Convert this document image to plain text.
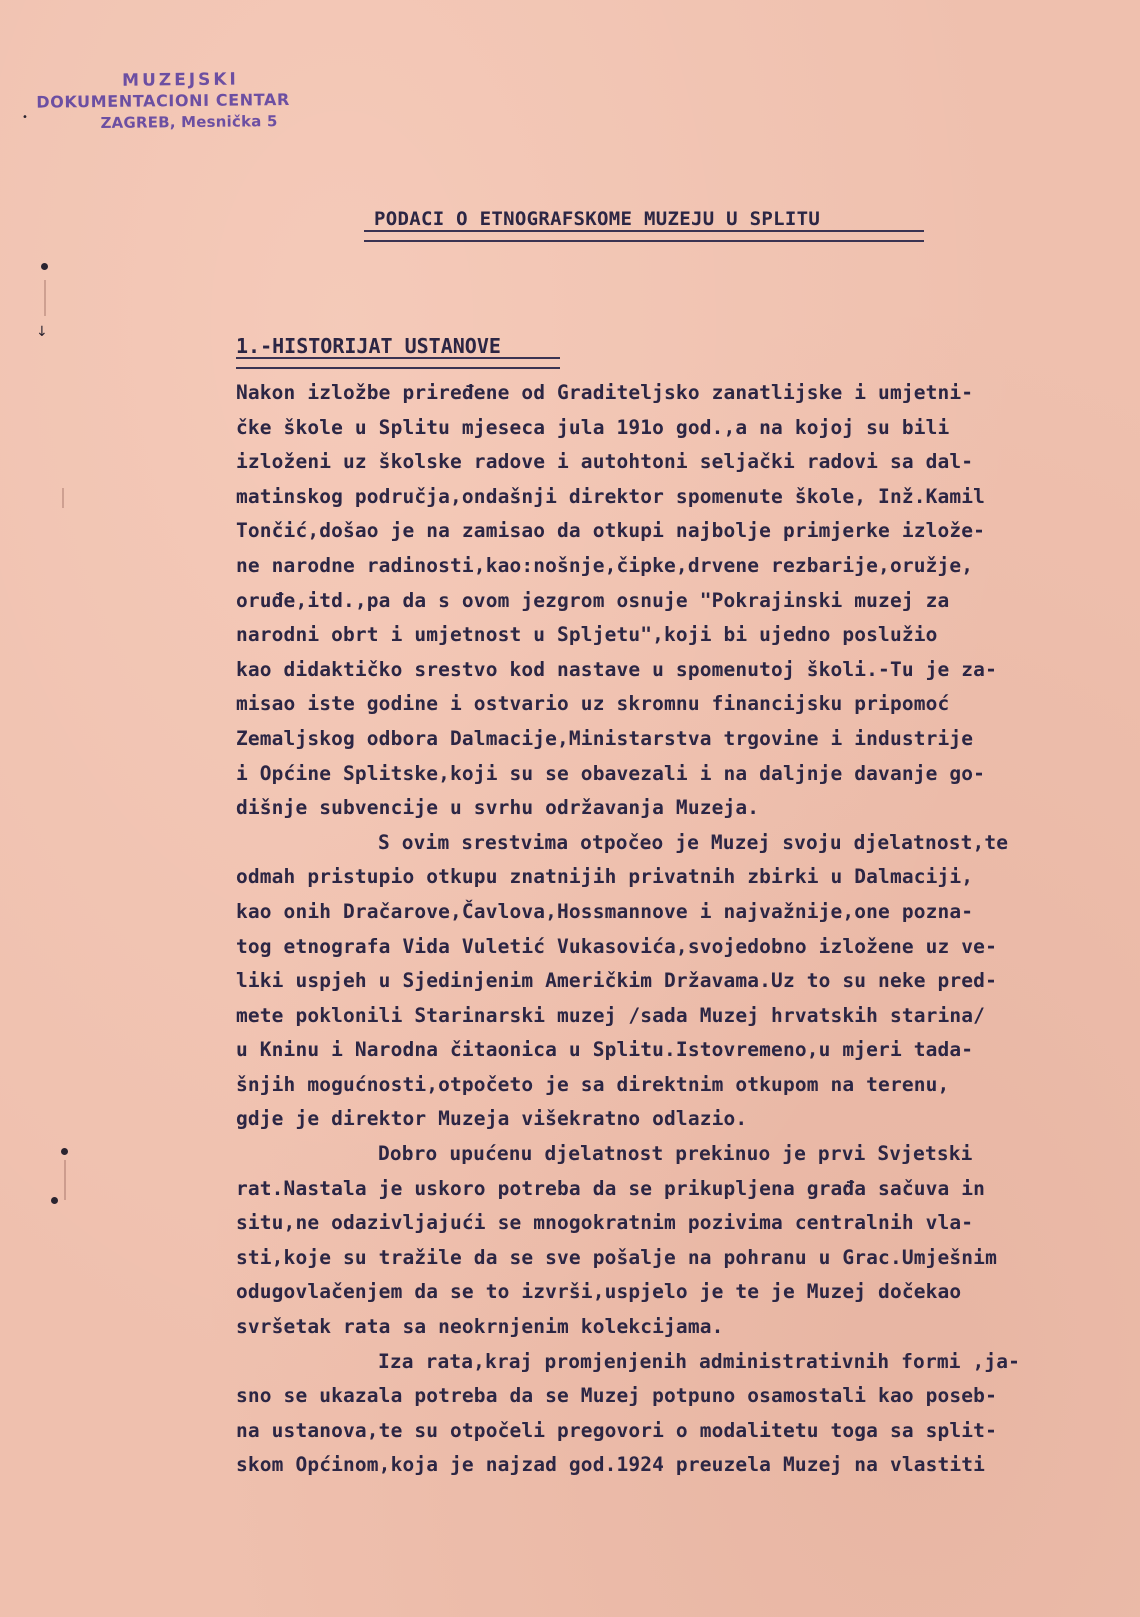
MUZEJSKI
DOKUMENTACIONI CENTAR
ZAGREB, Mesnička 5
PODACI O ETNOGRAFSKOME MUZEJU U SPLITU
1.-HISTORIJAT USTANOVE
Nakon izložbe priređene od Graditeljsko zanatlijske i umjetni-
čke škole u Splitu mjeseca jula 191o god.,a na kojoj su bili
izloženi uz školske radove i autohtoni seljački radovi sa dal-
matinskog područja,ondašnji direktor spomenute škole, Inž.Kamil
Tončić,došao je na zamisao da otkupi najbolje primjerke izlože-
ne narodne radinosti,kao:nošnje,čipke,drvene rezbarije,oružje,
oruđe,itd.,pa da s ovom jezgrom osnuje "Pokrajinski muzej za
narodni obrt i umjetnost u Spljetu",koji bi ujedno poslužio
kao didaktičko srestvo kod nastave u spomenutoj školi.-Tu je za-
misao iste godine i ostvario uz skromnu financijsku pripomoć
Zemaljskog odbora Dalmacije,Ministarstva trgovine i industrije
i Općine Splitske,koji su se obavezali i na daljnje davanje go-
dišnje subvencije u svrhu održavanja Muzeja.
S ovim srestvima otpočeo je Muzej svoju djelatnost,te
odmah pristupio otkupu znatnijih privatnih zbirki u Dalmaciji,
kao onih Dračarove,Čavlova,Hossmannove i najvažnije,one pozna-
tog etnografa Vida Vuletić Vukasovića,svojedobno izložene uz ve-
liki uspjeh u Sjedinjenim Američkim Državama.Uz to su neke pred-
mete poklonili Starinarski muzej /sada Muzej hrvatskih starina/
u Kninu i Narodna čitaonica u Splitu.Istovremeno,u mjeri tada-
šnjih mogućnosti,otpočeto je sa direktnim otkupom na terenu,
gdje je direktor Muzeja višekratno odlazio.
Dobro upućenu djelatnost prekinuo je prvi Svjetski
rat.Nastala je uskoro potreba da se prikupljena građa sačuva in
situ,ne odazivljajući se mnogokratnim pozivima centralnih vla-
sti,koje su tražile da se sve pošalje na pohranu u Grac.Umješnim
odugovlačenjem da se to izvrši,uspjelo je te je Muzej dočekao
svršetak rata sa neokrnjenim kolekcijama.
Iza rata,kraj promjenjenih administrativnih formi ,ja-
sno se ukazala potreba da se Muzej potpuno osamostali kao poseb-
na ustanova,te su otpočeli pregovori o modalitetu toga sa split-
skom Općinom,koja je najzad god.1924 preuzela Muzej na vlastiti
↓
•
